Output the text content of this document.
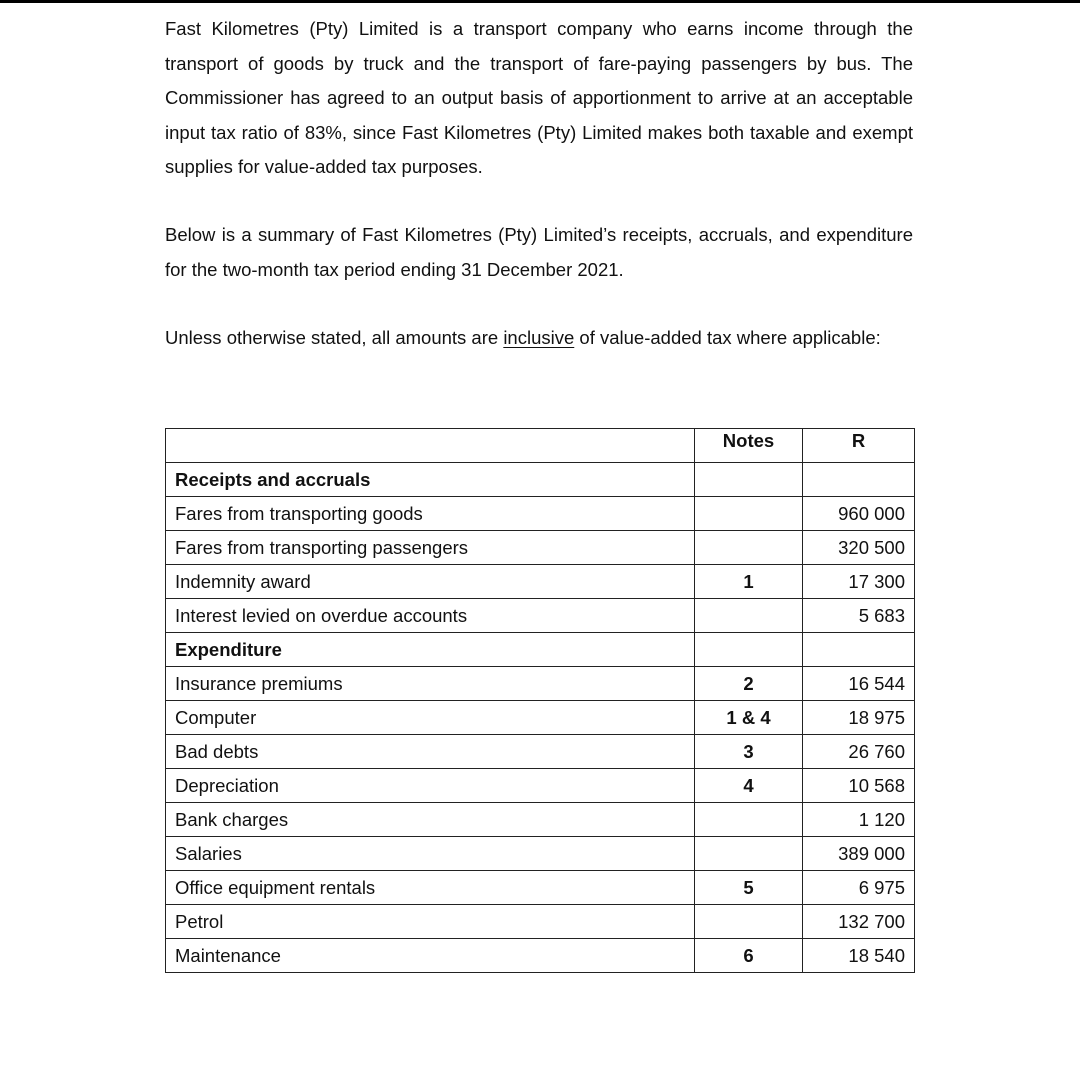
Fast Kilometres (Pty) Limited is a transport company who earns income through the transport of goods by truck and the transport of fare-paying passengers by bus. The Commissioner has agreed to an output basis of apportionment to arrive at an acceptable input tax ratio of 83%, since Fast Kilometres (Pty) Limited makes both taxable and exempt supplies for value-added tax purposes.

Below is a summary of Fast Kilometres (Pty) Limited’s receipts, accruals, and expenditure for the two-month tax period ending 31 December 2021.

Unless otherwise stated, all amounts are inclusive of value-added tax where applicable:

	Notes	R
Receipts and accruals		
Fares from transporting goods		960 000
Fares from transporting passengers		320 500
Indemnity award	1	17 300
Interest levied on overdue accounts		5 683
Expenditure		
Insurance premiums	2	16 544
Computer	1 & 4	18 975
Bad debts	3	26 760
Depreciation	4	10 568
Bank charges		1 120
Salaries		389 000
Office equipment rentals	5	6 975
Petrol		132 700
Maintenance	6	18 540
